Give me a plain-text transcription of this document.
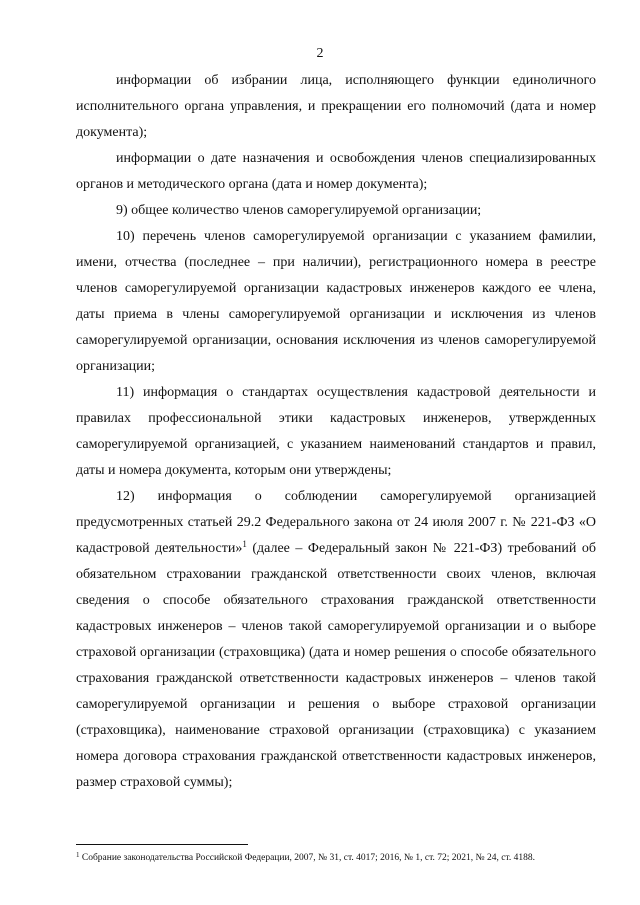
2

информации об избрании лица, исполняющего функции единоличного исполнительного органа управления, и прекращении его полномочий (дата и номер документа);

информации о дате назначения и освобождения членов специализированных органов и методического органа (дата и номер документа);

9) общее количество членов саморегулируемой организации;

10) перечень членов саморегулируемой организации с указанием фамилии, имени, отчества (последнее – при наличии), регистрационного номера в реестре членов саморегулируемой организации кадастровых инженеров каждого ее члена, даты приема в члены саморегулируемой организации и исключения из членов саморегулируемой организации, основания исключения из членов саморегулируемой организации;

11) информация о стандартах осуществления кадастровой деятельности и правилах профессиональной этики кадастровых инженеров, утвержденных саморегулируемой организацией, с указанием наименований стандартов и правил, даты и номера документа, которым они утверждены;

12) информация о соблюдении саморегулируемой организацией предусмотренных статьей 29.2 Федерального закона от 24 июля 2007 г. № 221-ФЗ «О кадастровой деятельности»$^1$ (далее – Федеральный закон № 221-ФЗ) требований об обязательном страховании гражданской ответственности своих членов, включая сведения о способе обязательного страхования гражданской ответственности кадастровых инженеров – членов такой саморегулируемой организации и о выборе страховой организации (страховщика) (дата и номер решения о способе обязательного страхования гражданской ответственности кадастровых инженеров – членов такой саморегулируемой организации и решения о выборе страховой организации (страховщика), наименование страховой организации (страховщика) с указанием номера договора страхования гражданской ответственности кадастровых инженеров, размер страховой суммы);

$^1$ Собрание законодательства Российской Федерации, 2007, № 31, ст. 4017; 2016, № 1, ст. 72; 2021, № 24, ст. 4188.
